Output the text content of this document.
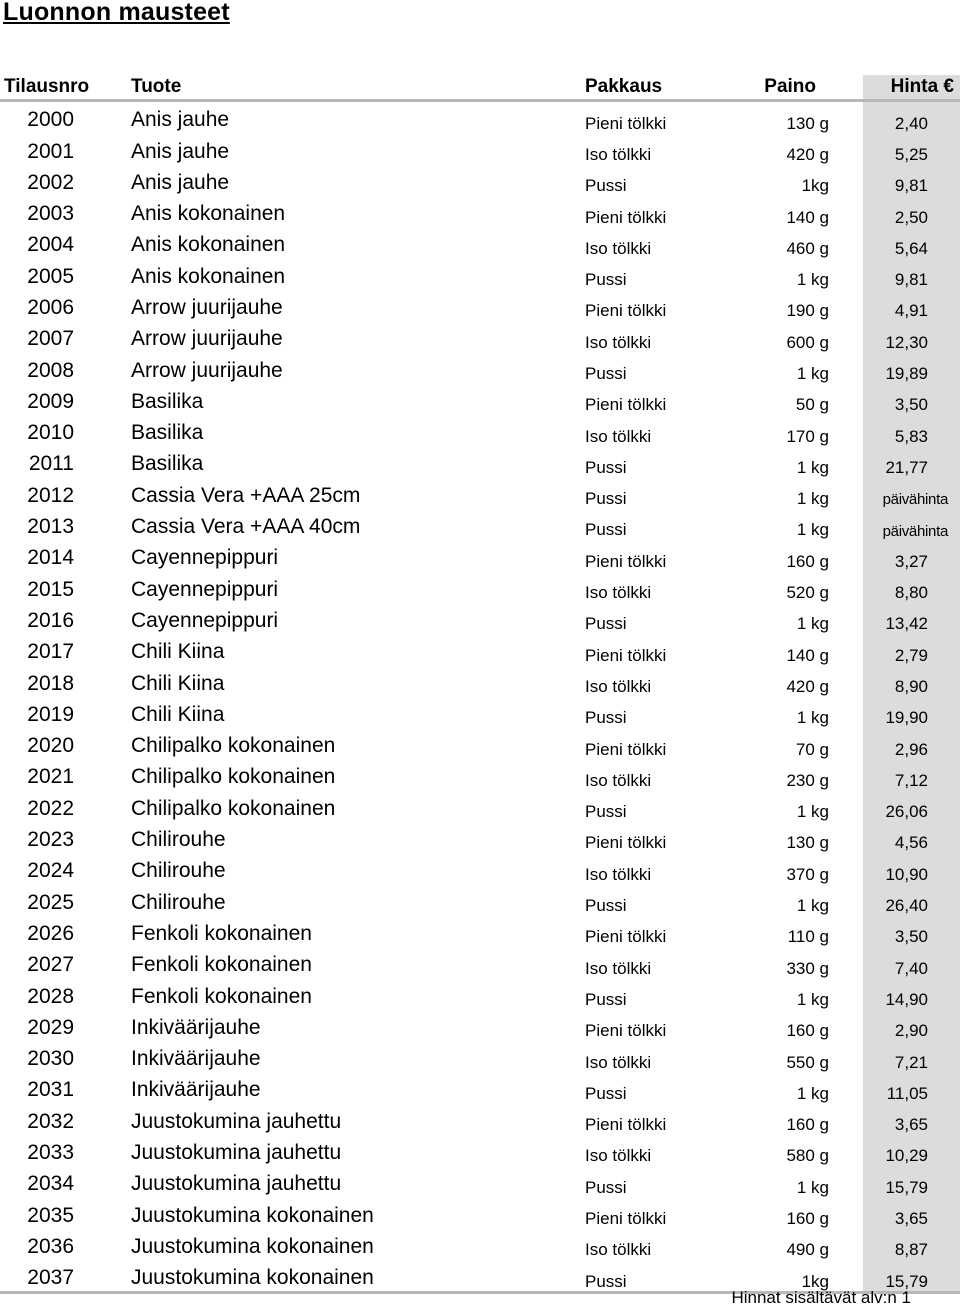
Luonnon mausteet
Tilausnro	Tuote	Pakkaus	Paino	Hinta €
2000	Anis jauhe	Pieni tölkki	130 g	2,40
2001	Anis jauhe	Iso tölkki	420 g	5,25
2002	Anis jauhe	Pussi	1kg	9,81
2003	Anis kokonainen	Pieni tölkki	140 g	2,50
2004	Anis kokonainen	Iso tölkki	460 g	5,64
2005	Anis kokonainen	Pussi	1 kg	9,81
2006	Arrow juurijauhe	Pieni tölkki	190 g	4,91
2007	Arrow juurijauhe	Iso tölkki	600 g	12,30
2008	Arrow juurijauhe	Pussi	1 kg	19,89
2009	Basilika	Pieni tölkki	50 g	3,50
2010	Basilika	Iso tölkki	170 g	5,83
2011	Basilika	Pussi	1 kg	21,77
2012	Cassia Vera +AAA 25cm	Pussi	1 kg	päivähinta
2013	Cassia Vera +AAA 40cm	Pussi	1 kg	päivähinta
2014	Cayennepippuri	Pieni tölkki	160 g	3,27
2015	Cayennepippuri	Iso tölkki	520 g	8,80
2016	Cayennepippuri	Pussi	1 kg	13,42
2017	Chili Kiina	Pieni tölkki	140 g	2,79
2018	Chili Kiina	Iso tölkki	420 g	8,90
2019	Chili Kiina	Pussi	1 kg	19,90
2020	Chilipalko kokonainen	Pieni tölkki	70 g	2,96
2021	Chilipalko kokonainen	Iso tölkki	230 g	7,12
2022	Chilipalko kokonainen	Pussi	1 kg	26,06
2023	Chilirouhe	Pieni tölkki	130 g	4,56
2024	Chilirouhe	Iso tölkki	370 g	10,90
2025	Chilirouhe	Pussi	1 kg	26,40
2026	Fenkoli kokonainen	Pieni tölkki	110 g	3,50
2027	Fenkoli kokonainen	Iso tölkki	330 g	7,40
2028	Fenkoli kokonainen	Pussi	1 kg	14,90
2029	Inkiväärijauhe	Pieni tölkki	160 g	2,90
2030	Inkiväärijauhe	Iso tölkki	550 g	7,21
2031	Inkiväärijauhe	Pussi	1 kg	11,05
2032	Juustokumina jauhettu	Pieni tölkki	160 g	3,65
2033	Juustokumina jauhettu	Iso tölkki	580 g	10,29
2034	Juustokumina jauhettu	Pussi	1 kg	15,79
2035	Juustokumina kokonainen	Pieni tölkki	160 g	3,65
2036	Juustokumina kokonainen	Iso tölkki	490 g	8,87
2037	Juustokumina kokonainen	Pussi	1kg	15,79
Hinnat sisältävät alv:n 1
